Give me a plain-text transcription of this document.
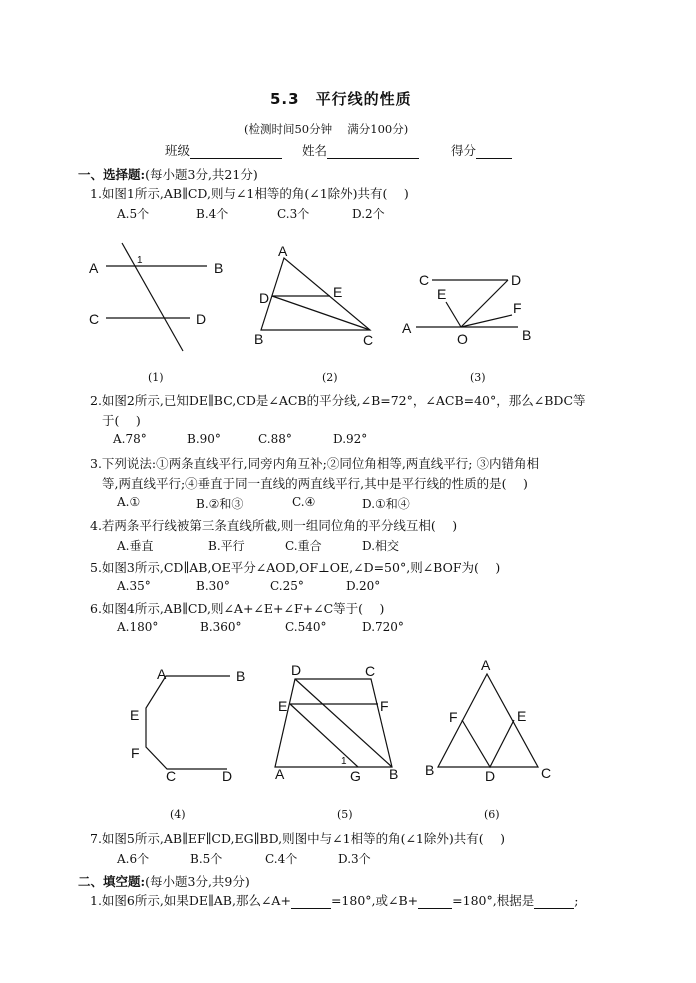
5.3　平行线的性质
(检测时间50分钟　 满分100分)
班级	姓名	得分
一、选择题:(每小题3分,共21分)
1.如图1所示,AB∥CD,则与∠1相等的角(∠1除外)共有(　 )
A.5个	B.4个	C.3个	D.2个
A	B
C	D
1
A
D	E
B	C
C	D
E
F
A
O	B
(1)	(2)	(3)
2.如图2所示,已知DE∥BC,CD是∠ACB的平分线,∠B=72°，∠ACB=40°，那么∠BDC等
于(　 )
A.78°	B.90°	C.88°	D.92°
3.下列说法:①两条直线平行,同旁内角互补;②同位角相等,两直线平行; ③内错角相
等,两直线平行;④垂直于同一直线的两直线平行,其中是平行线的性质的是(　 )
A.①	B.②和③	C.④	D.①和④
4.若两条平行线被第三条直线所截,则一组同位角的平分线互相(　 )
A.垂直	B.平行	C.重合	D.相交
5.如图3所示,CD∥AB,OE平分∠AOD,OF⊥OE,∠D=50°,则∠BOF为(　 )
A.35°	B.30°	C.25°	D.20°
6.如图4所示,AB∥CD,则∠A+∠E+∠F+∠C等于(　 )
A.180°	B.360°	C.540°	D.720°
A	B
E
F
C	D
D	C
E	F
A	G B
1
A
F	E
B	D	C
(4)	(5)	(6)
7.如图5所示,AB∥EF∥CD,EG∥BD,则图中与∠1相等的角(∠1除外)共有(　 )
A.6个	B.5个	C.4个	D.3个
二、填空题:(每小题3分,共9分)
1.如图6所示,如果DE∥AB,那么∠A+	=180°,或∠B+	=180°,根据是	;
